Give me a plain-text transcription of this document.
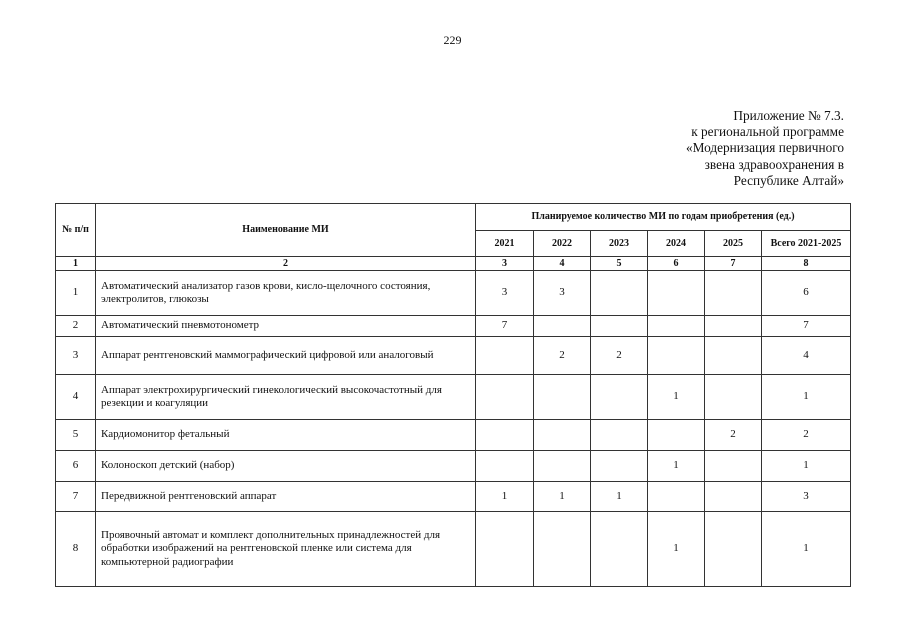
229
Приложение № 7.3.
к региональной программе
«Модернизация первичного
звена здравоохранения в
Республике Алтай»
№ п/п	Наименование МИ	Планируемое количество МИ по годам приобретения (ед.)					
		2021	2022	2023	2024	2025	Всего 2021-2025
1	2	3	4	5	6	7	8
1	Автоматический анализатор газов крови, кисло-щелочного состояния, электролитов, глюкозы	3	3				6
2	Автоматический пневмотонометр	7					7
3	Аппарат рентгеновский маммографический цифровой или аналоговый		2	2			4
4	Аппарат электрохирургический гинекологический высокочастотный для резекции и коагуляции				1		1
5	Кардиомонитор фетальный					2	2
6	Колоноскоп детский (набор)				1		1
7	Передвижной рентгеновский аппарат	1	1	1			3
8	Проявочный автомат и комплект дополнительных принадлежностей для обработки изображений на рентгеновской пленке или система для компьютерной радиографии				1		1
